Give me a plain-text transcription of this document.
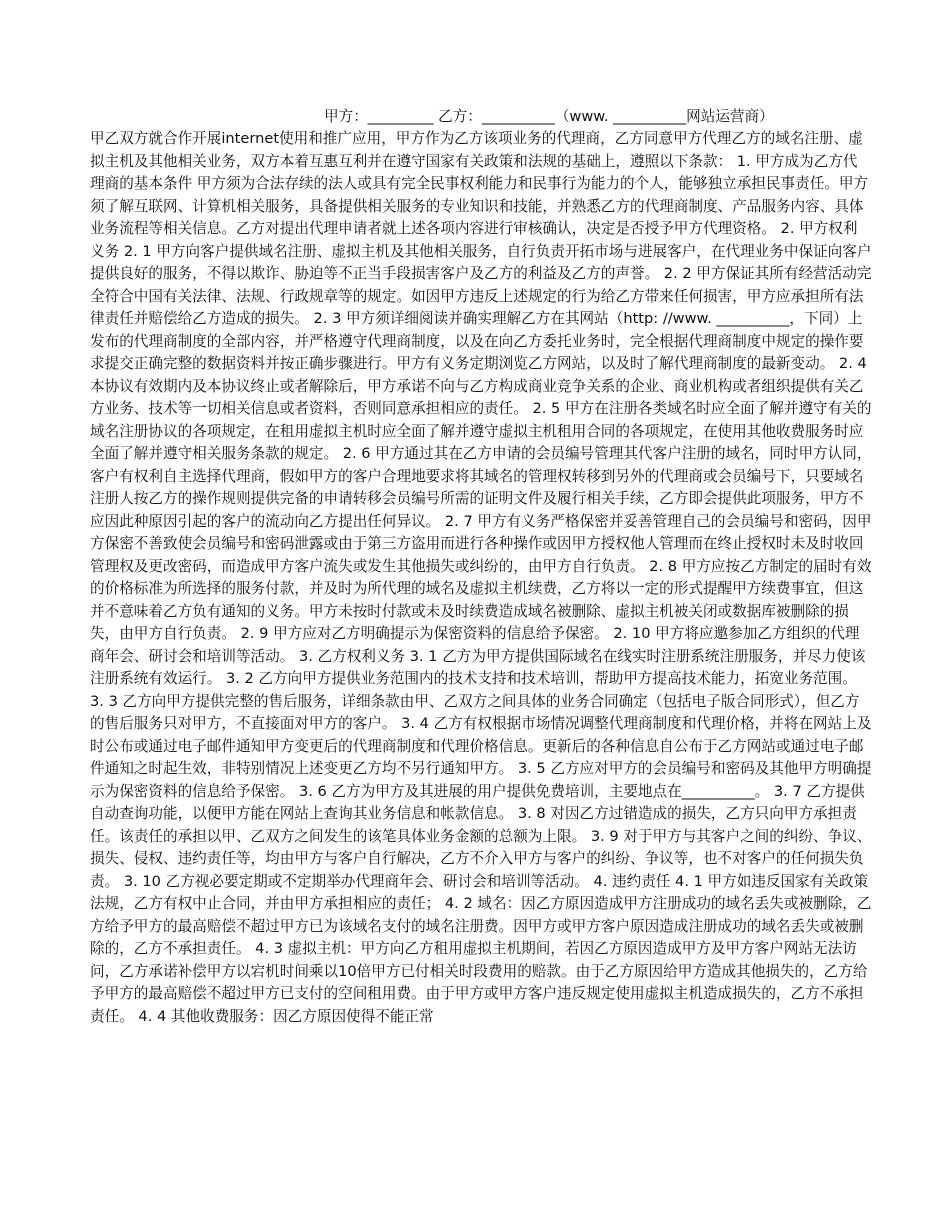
甲方：_________ 乙方：__________（www. __________网站运营商）
甲乙双方就合作开展internet使用和推广应用，甲方作为乙方该项业务的代理商，乙方同意甲方代理乙方的域名注册、虚拟主机及其他相关业务，双方本着互惠互利并在遵守国家有关政策和法规的基础上，遵照以下条款： 1. 甲方成为乙方代理商的基本条件 甲方须为合法存续的法人或具有完全民事权利能力和民事行为能力的个人，能够独立承担民事责任。甲方须了解互联网、计算机相关服务，具备提供相关服务的专业知识和技能，并熟悉乙方的代理商制度、产品服务内容、具体业务流程等相关信息。乙方对提出代理申请者就上述各项内容进行审核确认，决定是否授予甲方代理资格。 2. 甲方权利义务 2. 1 甲方向客户提供域名注册、虚拟主机及其他相关服务，自行负责开拓市场与进展客户，在代理业务中保证向客户提供良好的服务，不得以欺诈、胁迫等不正当手段损害客户及乙方的利益及乙方的声誉。 2. 2 甲方保证其所有经营活动完全符合中国有关法律、法规、行政规章等的规定。如因甲方违反上述规定的行为给乙方带来任何损害，甲方应承担所有法律责任并赔偿给乙方造成的损失。 2. 3 甲方须详细阅读并确实理解乙方在其网站（http: //www. __________，下同）上发布的代理商制度的全部内容，并严格遵守代理商制度，以及在向乙方委托业务时，完全根据代理商制度中规定的操作要求提交正确完整的数据资料并按正确步骤进行。甲方有义务定期浏览乙方网站，以及时了解代理商制度的最新变动。 2. 4 本协议有效期内及本协议终止或者解除后，甲方承诺不向与乙方构成商业竞争关系的企业、商业机构或者组织提供有关乙方业务、技术等一切相关信息或者资料，否则同意承担相应的责任。 2. 5 甲方在注册各类域名时应全面了解并遵守有关的域名注册协议的各项规定，在租用虚拟主机时应全面了解并遵守虚拟主机租用合同的各项规定，在使用其他收费服务时应全面了解并遵守相关服务条款的规定。 2. 6 甲方通过其在乙方申请的会员编号管理其代客户注册的域名，同时甲方认同，客户有权利自主选择代理商，假如甲方的客户合理地要求将其域名的管理权转移到另外的代理商或会员编号下，只要域名注册人按乙方的操作规则提供完备的申请转移会员编号所需的证明文件及履行相关手续，乙方即会提供此项服务，甲方不应因此种原因引起的客户的流动向乙方提出任何异议。 2. 7 甲方有义务严格保密并妥善管理自己的会员编号和密码，因甲方保密不善致使会员编号和密码泄露或由于第三方盗用而进行各种操作或因甲方授权他人管理而在终止授权时未及时收回管理权及更改密码，而造成甲方客户流失或发生其他损失或纠纷的，由甲方自行负责。 2. 8 甲方应按乙方制定的届时有效的价格标准为所选择的服务付款，并及时为所代理的域名及虚拟主机续费，乙方将以一定的形式提醒甲方续费事宜，但这并不意味着乙方负有通知的义务。甲方未按时付款或未及时续费造成域名被删除、虚拟主机被关闭或数据库被删除的损失，由甲方自行负责。 2. 9 甲方应对乙方明确提示为保密资料的信息给予保密。 2. 10 甲方将应邀参加乙方组织的代理商年会、研讨会和培训等活动。 3. 乙方权利义务 3. 1 乙方为甲方提供国际域名在线实时注册系统注册服务，并尽力使该注册系统有效运行。 3. 2 乙方向甲方提供业务范围内的技术支持和技术培训，帮助甲方提高技术能力，拓宽业务范围。 3. 3 乙方向甲方提供完整的售后服务，详细条款由甲、乙双方之间具体的业务合同确定（包括电子版合同形式），但乙方的售后服务只对甲方，不直接面对甲方的客户。 3. 4 乙方有权根据市场情况调整代理商制度和代理价格，并将在网站上及时公布或通过电子邮件通知甲方变更后的代理商制度和代理价格信息。更新后的各种信息自公布于乙方网站或通过电子邮件通知之时起生效，非特别情况上述变更乙方均不另行通知甲方。 3. 5 乙方应对甲方的会员编号和密码及其他甲方明确提示为保密资料的信息给予保密。 3. 6 乙方为甲方及其进展的用户提供免费培训，主要地点在__________。 3. 7 乙方提供自动查询功能，以便甲方能在网站上查询其业务信息和帐款信息。 3. 8 对因乙方过错造成的损失，乙方只向甲方承担责任。该责任的承担以甲、乙双方之间发生的该笔具体业务金额的总额为上限。 3. 9 对于甲方与其客户之间的纠纷、争议、损失、侵权、违约责任等，均由甲方与客户自行解决，乙方不介入甲方与客户的纠纷、争议等，也不对客户的任何损失负责。 3. 10 乙方视必要定期或不定期举办代理商年会、研讨会和培训等活动。 4. 违约责任 4. 1 甲方如违反国家有关政策法规，乙方有权中止合同，并由甲方承担相应的责任； 4. 2 域名：因乙方原因造成甲方注册成功的域名丢失或被删除，乙方给予甲方的最高赔偿不超过甲方已为该域名支付的域名注册费。因甲方或甲方客户原因造成注册成功的域名丢失或被删除的，乙方不承担责任。 4. 3 虚拟主机：甲方向乙方租用虚拟主机期间，若因乙方原因造成甲方及甲方客户网站无法访问，乙方承诺补偿甲方以宕机时间乘以10倍甲方已付相关时段费用的赔款。由于乙方原因给甲方造成其他损失的，乙方给予甲方的最高赔偿不超过甲方已支付的空间租用费。由于甲方或甲方客户违反规定使用虚拟主机造成损失的，乙方不承担责任。 4. 4 其他收费服务：因乙方原因使得不能正常
